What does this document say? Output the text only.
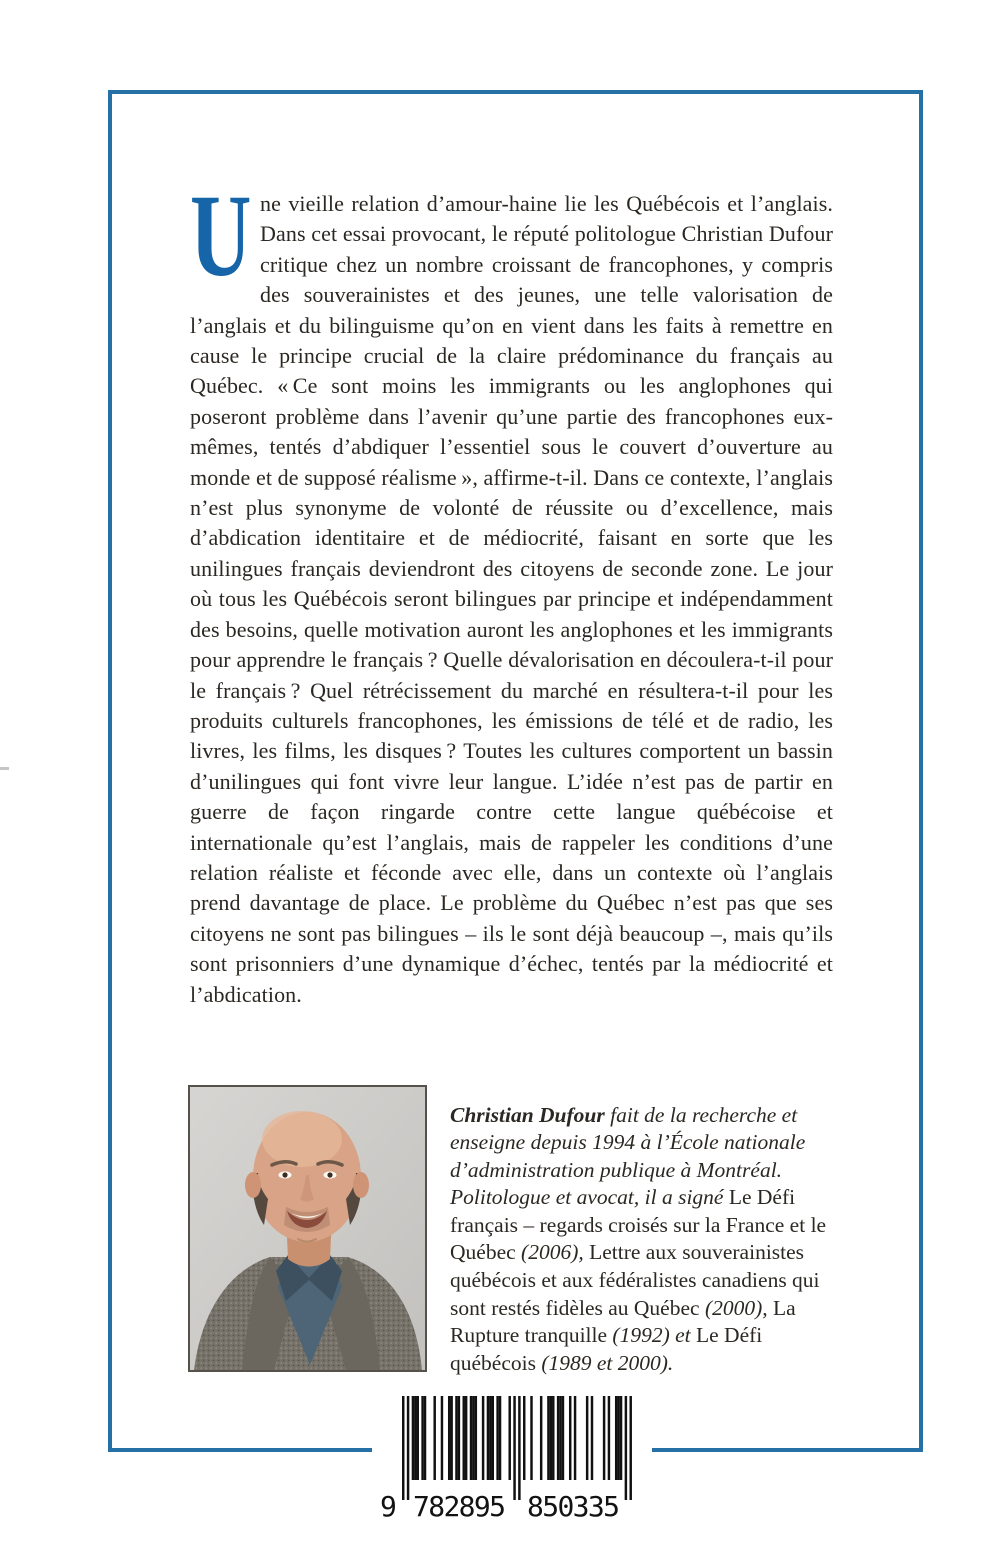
Une vieille relation d’amour-haine lie les Québécois et l’anglais. Dans cet essai provocant, le réputé politologue Christian Dufour critique chez un nombre croissant de francophones, y compris des souverainistes et des jeunes, une telle valorisation de l’anglais et du bilinguisme qu’on en vient dans les faits à remettre en cause le principe crucial de la claire prédominance du français au Québec. « Ce sont moins les immigrants ou les anglophones qui poseront problème dans l’avenir qu’une partie des francophones eux-mêmes, tentés d’abdiquer l’essentiel sous le couvert d’ouverture au monde et de supposé réalisme », affirme-t-il. Dans ce contexte, l’anglais n’est plus synonyme de volonté de réussite ou d’excellence, mais d’abdication identitaire et de médiocrité, faisant en sorte que les unilingues français deviendront des citoyens de seconde zone. Le jour où tous les Québécois seront bilingues par principe et indépendamment des besoins, quelle motivation auront les anglophones et les immigrants pour apprendre le français ? Quelle dévalorisation en découlera-t-il pour le français ? Quel rétrécissement du marché en résultera-t-il pour les produits culturels francophones, les émissions de télé et de radio, les livres, les films, les disques ? Toutes les cultures comportent un bassin d’unilingues qui font vivre leur langue. L’idée n’est pas de partir en guerre de façon ringarde contre cette langue québécoise et internationale qu’est l’anglais, mais de rappeler les conditions d’une relation réaliste et féconde avec elle, dans un contexte où l’anglais prend davantage de place. Le problème du Québec n’est pas que ses citoyens ne sont pas bilingues – ils le sont déjà beaucoup –, mais qu’ils sont prisonniers d’une dynamique d’échec, tentés par la médiocrité et l’abdication.

Christian Dufour fait de la recherche et enseigne depuis 1994 à l’École nationale d’administration publique à Montréal. Politologue et avocat, il a signé Le Défi français – regards croisés sur la France et le Québec (2006), Lettre aux souverainistes québécois et aux fédéralistes canadiens qui sont restés fidèles au Québec (2000), La Rupture tranquille (1992) et Le Défi québécois (1989 et 2000).

9 782895 850335
